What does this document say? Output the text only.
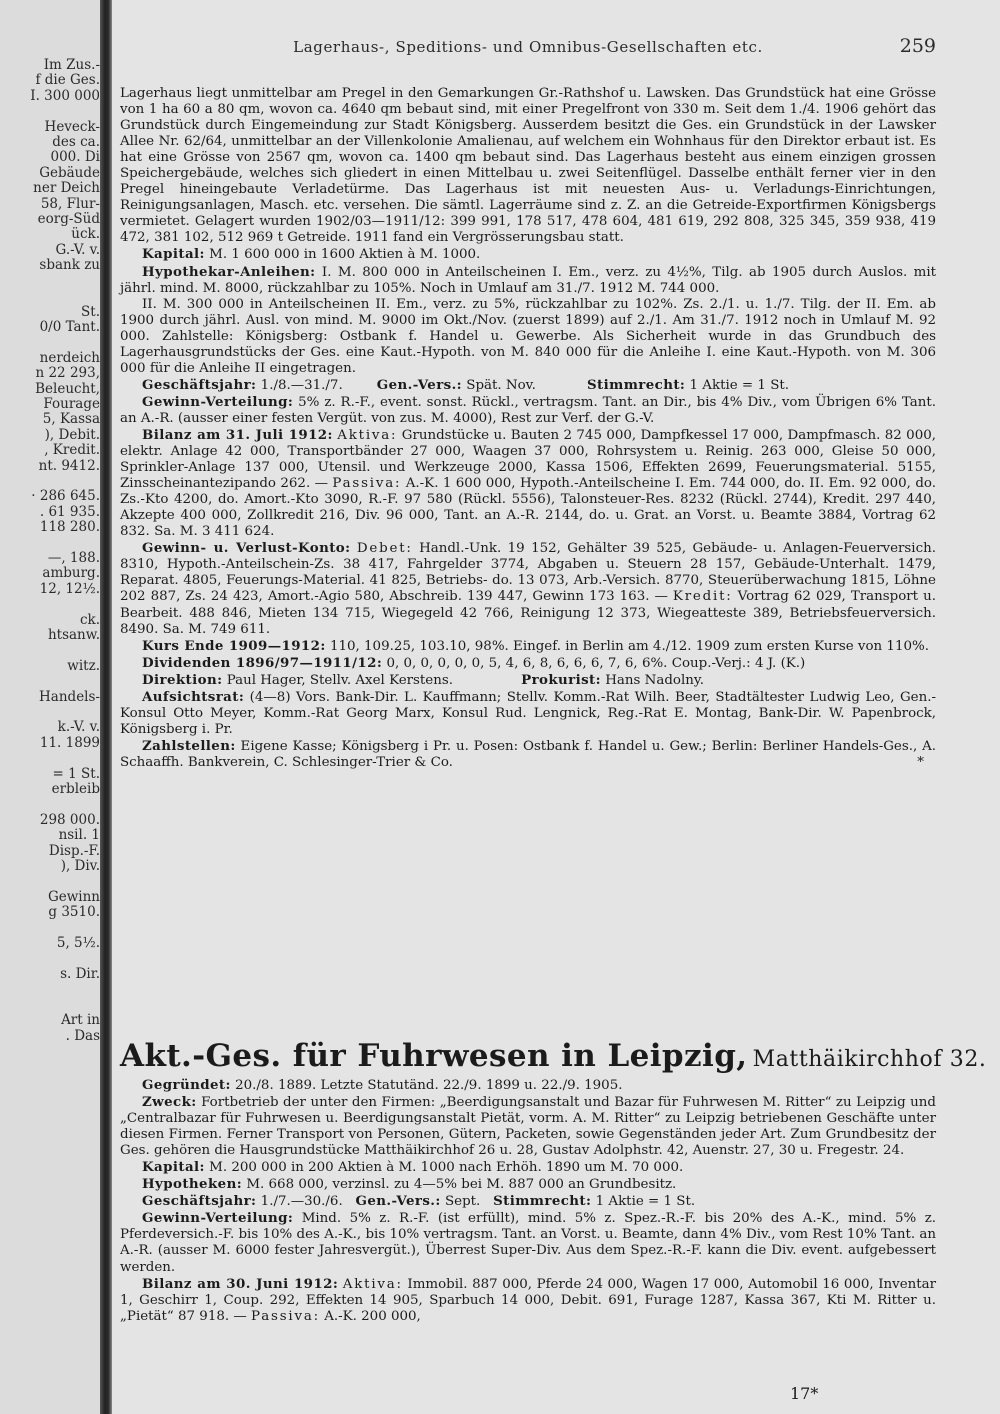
Im Zus.-
f die Ges.
I. 300 000

Heveck-
des ca.
000. Di
Gebäude
ner Deich
58, Flur-
eorg-Süd
ück.
G.-V. v.
sbank zu

St.
0/0 Tant.

nerdeich
n 22 293,
Beleucht,
Fourage
5, Kassa
), Debit.
, Kredit.
nt. 9412.

· 286 645.
. 61 935.
118 280.

—, 188.
amburg.
12, 12½.

ck.
htsanw.

witz.

Handels-

k.-V. v.
11. 1899

= 1 St.
erbleib

298 000.
nsil. 1
Disp.-F.
), Div.

Gewinn
g 3510.

5, 5½.

s. Dir.

Art in
. Das
Lagerhaus-, Speditions- und Omnibus-Gesellschaften etc.	259

Lagerhaus liegt unmittelbar am Pregel in den Gemarkungen Gr.-Rathshof u. Lawsken. Das Grundstück hat eine Grösse von 1 ha 60 a 80 qm, wovon ca. 4640 qm bebaut sind, mit einer Pregelfront von 330 m. Seit dem 1./4. 1906 gehört das Grundstück durch Eingemeindung zur Stadt Königsberg. Ausserdem besitzt die Ges. ein Grundstück in der Lawsker Allee Nr. 62/64, unmittelbar an der Villenkolonie Amalienau, auf welchem ein Wohnhaus für den Direktor erbaut ist. Es hat eine Grösse von 2567 qm, wovon ca. 1400 qm bebaut sind. Das Lagerhaus besteht aus einem einzigen grossen Speichergebäude, welches sich gliedert in einen Mittelbau u. zwei Seitenflügel. Dasselbe enthält ferner vier in den Pregel hineingebaute Verladetürme. Das Lagerhaus ist mit neuesten Aus- u. Verladungs-Einrichtungen, Reinigungsanlagen, Masch. etc. versehen. Die sämtl. Lagerräume sind z. Z. an die Getreide-Exportfirmen Königsbergs vermietet. Gelagert wurden 1902/03—1911/12: 399 991, 178 517, 478 604, 481 619, 292 808, 325 345, 359 938, 419 472, 381 102, 512 969 t Getreide. 1911 fand ein Vergrösserungsbau statt.

Kapital: M. 1 600 000 in 1600 Aktien à M. 1000.

Hypothekar-Anleihen: I. M. 800 000 in Anteilscheinen I. Em., verz. zu 4½%, Tilg. ab 1905 durch Auslos. mit jährl. mind. M. 8000, rückzahlbar zu 105%. Noch in Umlauf am 31./7. 1912 M. 744 000.

II. M. 300 000 in Anteilscheinen II. Em., verz. zu 5%, rückzahlbar zu 102%. Zs. 2./1. u. 1./7. Tilg. der II. Em. ab 1900 durch jährl. Ausl. von mind. M. 9000 im Okt./Nov. (zuerst 1899) auf 2./1. Am 31./7. 1912 noch in Umlauf M. 92 000. Zahlstelle: Königsberg: Ostbank f. Handel u. Gewerbe. Als Sicherheit wurde in das Grundbuch des Lagerhausgrundstücks der Ges. eine Kaut.-Hypoth. von M. 840 000 für die Anleihe I. eine Kaut.-Hypoth. von M. 306 000 für die Anleihe II eingetragen.

Geschäftsjahr: 1./8.—31./7.	Gen.-Vers.: Spät. Nov.	Stimmrecht: 1 Aktie = 1 St.

Gewinn-Verteilung: 5% z. R.-F., event. sonst. Rückl., vertragsm. Tant. an Dir., bis 4% Div., vom Übrigen 6% Tant. an A.-R. (ausser einer festen Vergüt. von zus. M. 4000), Rest zur Verf. der G.-V.

Bilanz am 31. Juli 1912: Aktiva: Grundstücke u. Bauten 2 745 000, Dampfkessel 17 000, Dampfmasch. 82 000, elektr. Anlage 42 000, Transportbänder 27 000, Waagen 37 000, Rohrsystem u. Reinig. 263 000, Gleise 50 000, Sprinkler-Anlage 137 000, Utensil. und Werkzeuge 2000, Kassa 1506, Effekten 2699, Feuerungsmaterial. 5155, Zinsscheinantezipando 262. — Passiva: A.-K. 1 600 000, Hypoth.-Anteilscheine I. Em. 744 000, do. II. Em. 92 000, do. Zs.-Kto 4200, do. Amort.-Kto 3090, R.-F. 97 580 (Rückl. 5556), Talonsteuer-Res. 8232 (Rückl. 2744), Kredit. 297 440, Akzepte 400 000, Zollkredit 216, Div. 96 000, Tant. an A.-R. 2144, do. u. Grat. an Vorst. u. Beamte 3884, Vortrag 62 832. Sa. M. 3 411 624.

Gewinn- u. Verlust-Konto: Debet: Handl.-Unk. 19 152, Gehälter 39 525, Gebäude- u. Anlagen-Feuerversich. 8310, Hypoth.-Anteilschein-Zs. 38 417, Fahrgelder 3774, Abgaben u. Steuern 28 157, Gebäude-Unterhalt. 1479, Reparat. 4805, Feuerungs-Material. 41 825, Betriebs- do. 13 073, Arb.-Versich. 8770, Steuerüberwachung 1815, Löhne 202 887, Zs. 24 423, Amort.-Agio 580, Abschreib. 139 447, Gewinn 173 163. — Kredit: Vortrag 62 029, Transport u. Bearbeit. 488 846, Mieten 134 715, Wiegegeld 42 766, Reinigung 12 373, Wiegeatteste 389, Betriebsfeuerversich. 8490. Sa. M. 749 611.

Kurs Ende 1909—1912: 110, 109.25, 103.10, 98%. Eingef. in Berlin am 4./12. 1909 zum ersten Kurse von 110%.

Dividenden 1896/97—1911/12: 0, 0, 0, 0, 0, 0, 5, 4, 6, 8, 6, 6, 6, 7, 6, 6%. Coup.-Verj.: 4 J. (K.)

Direktion: Paul Hager, Stellv. Axel Kerstens.	Prokurist: Hans Nadolny.

Aufsichtsrat: (4—8) Vors. Bank-Dir. L. Kauffmann; Stellv. Komm.-Rat Wilh. Beer, Stadtältester Ludwig Leo, Gen.-Konsul Otto Meyer, Komm.-Rat Georg Marx, Konsul Rud. Lengnick, Reg.-Rat E. Montag, Bank-Dir. W. Papenbrock, Königsberg i. Pr.

Zahlstellen: Eigene Kasse; Königsberg i Pr. u. Posen: Ostbank f. Handel u. Gew.; Berlin: Berliner Handels-Ges., A. Schaaffh. Bankverein, C. Schlesinger-Trier & Co.	*

Akt.-Ges. für Fuhrwesen in Leipzig, Matthäikirchhof 32.

Gegründet: 20./8. 1889. Letzte Statutänd. 22./9. 1899 u. 22./9. 1905.

Zweck: Fortbetrieb der unter den Firmen: „Beerdigungsanstalt und Bazar für Fuhrwesen M. Ritter“ zu Leipzig und „Centralbazar für Fuhrwesen u. Beerdigungsanstalt Pietät, vorm. A. M. Ritter“ zu Leipzig betriebenen Geschäfte unter diesen Firmen. Ferner Transport von Personen, Gütern, Packeten, sowie Gegenständen jeder Art. Zum Grundbesitz der Ges. gehören die Hausgrundstücke Matthäikirchhof 26 u. 28, Gustav Adolphstr. 42, Auenstr. 27, 30 u. Fregestr. 24.

Kapital: M. 200 000 in 200 Aktien à M. 1000 nach Erhöh. 1890 um M. 70 000.

Hypotheken: M. 668 000, verzinsl. zu 4—5% bei M. 887 000 an Grundbesitz.

Geschäftsjahr: 1./7.—30./6. Gen.-Vers.: Sept. Stimmrecht: 1 Aktie = 1 St.

Gewinn-Verteilung: Mind. 5% z. R.-F. (ist erfüllt), mind. 5% z. Spez.-R.-F. bis 20% des A.-K., mind. 5% z. Pferdeversich.-F. bis 10% des A.-K., bis 10% vertragsm. Tant. an Vorst. u. Beamte, dann 4% Div., vom Rest 10% Tant. an A.-R. (ausser M. 6000 fester Jahresvergüt.), Überrest Super-Div. Aus dem Spez.-R.-F. kann die Div. event. aufgebessert werden.

Bilanz am 30. Juni 1912: Aktiva: Immobil. 887 000, Pferde 24 000, Wagen 17 000, Automobil 16 000, Inventar 1, Geschirr 1, Coup. 292, Effekten 14 905, Sparbuch 14 000, Debit. 691, Furage 1287, Kassa 367, Kti M. Ritter u. „Pietät“ 87 918. — Passiva: A.-K. 200 000,

17*
